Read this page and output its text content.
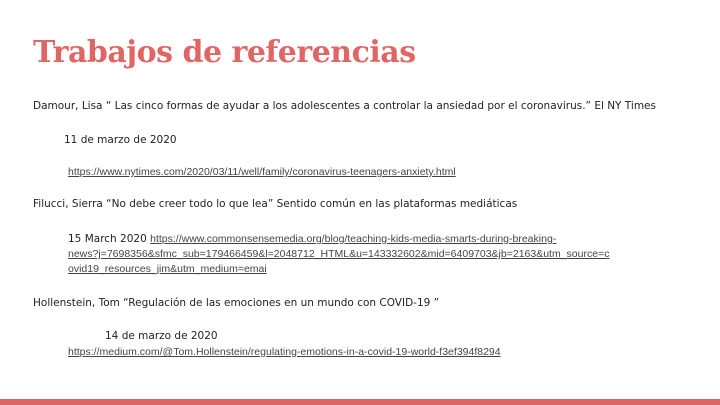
Trabajos de referencias
Damour, Lisa “ Las cinco formas de ayudar a los adolescentes a controlar la ansiedad por el coronavirus.” El NY Times
11 de marzo de 2020
https://www.nytimes.com/2020/03/11/well/family/coronavirus-teenagers-anxiety.html
Filucci, Sierra “No debe creer todo lo que lea” Sentido común en las plataformas mediáticas
15 March 2020 https://www.commonsensemedia.org/blog/teaching-kids-media-smarts-during-breaking-
news?j=7698356&sfmc_sub=179466459&l=2048712_HTML&u=143332602&mid=6409703&jb=2163&utm_source=c
ovid19_resources_jim&utm_medium=emai
Hollenstein, Tom “Regulación de las emociones en un mundo con COVID-19 ”
14 de marzo de 2020
https://medium.com/@Tom.Hollenstein/regulating-emotions-in-a-covid-19-world-f3ef394f8294
